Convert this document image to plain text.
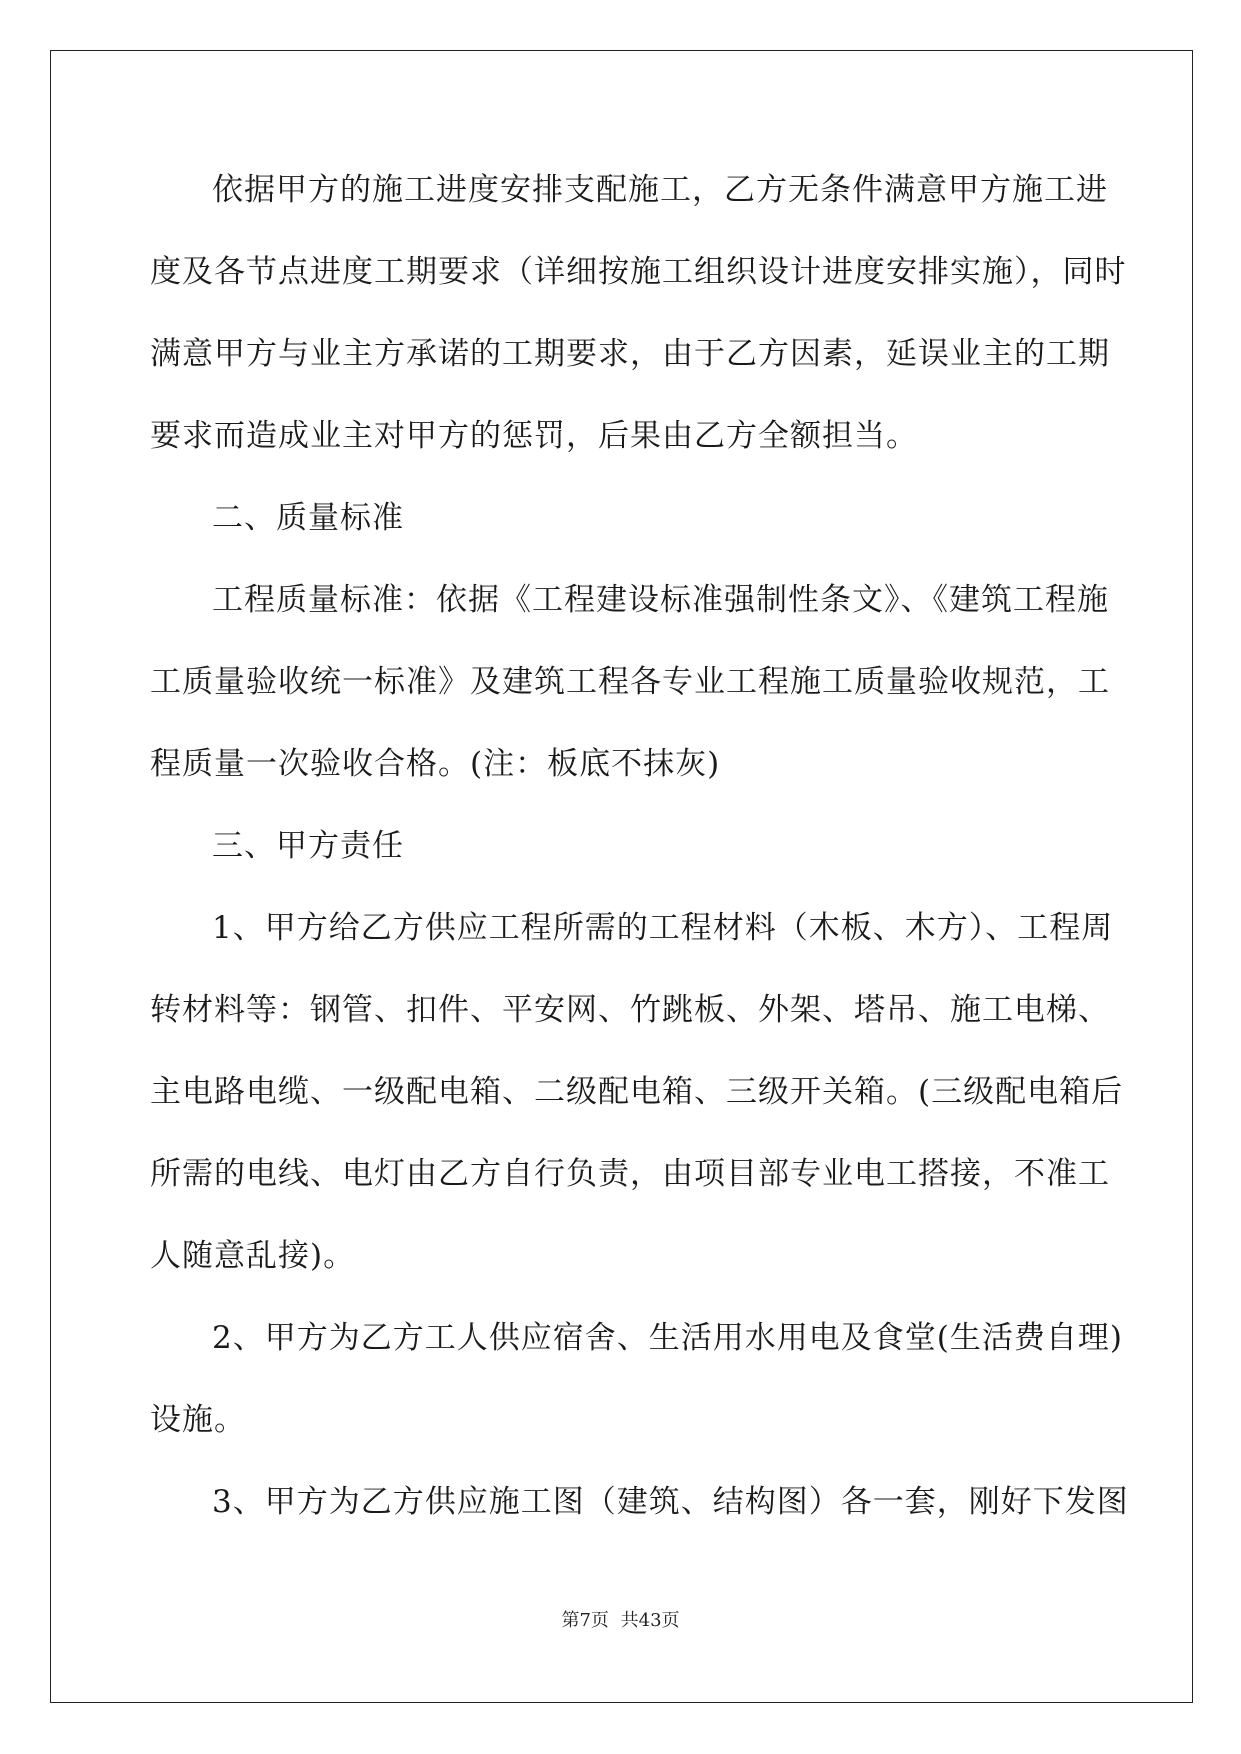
依据甲方的施工进度安排支配施工，乙方无条件满意甲方施工进
度及各节点进度工期要求（详细按施工组织设计进度安排实施），同时
满意甲方与业主方承诺的工期要求，由于乙方因素，延误业主的工期
要求而造成业主对甲方的惩罚，后果由乙方全额担当。
二、质量标准
工程质量标准：依据《工程建设标准强制性条文》、《建筑工程施
工质量验收统一标准》及建筑工程各专业工程施工质量验收规范，工
程质量一次验收合格。(注：板底不抹灰)
三、甲方责任
1、甲方给乙方供应工程所需的工程材料（木板、木方）、工程周
转材料等：钢管、扣件、平安网、竹跳板、外架、塔吊、施工电梯、
主电路电缆、一级配电箱、二级配电箱、三级开关箱。(三级配电箱后
所需的电线、电灯由乙方自行负责，由项目部专业电工搭接，不准工
人随意乱接)。
2、甲方为乙方工人供应宿舍、生活用水用电及食堂(生活费自理)
设施。
3、甲方为乙方供应施工图（建筑、结构图）各一套，刚好下发图
第7页 共43页
